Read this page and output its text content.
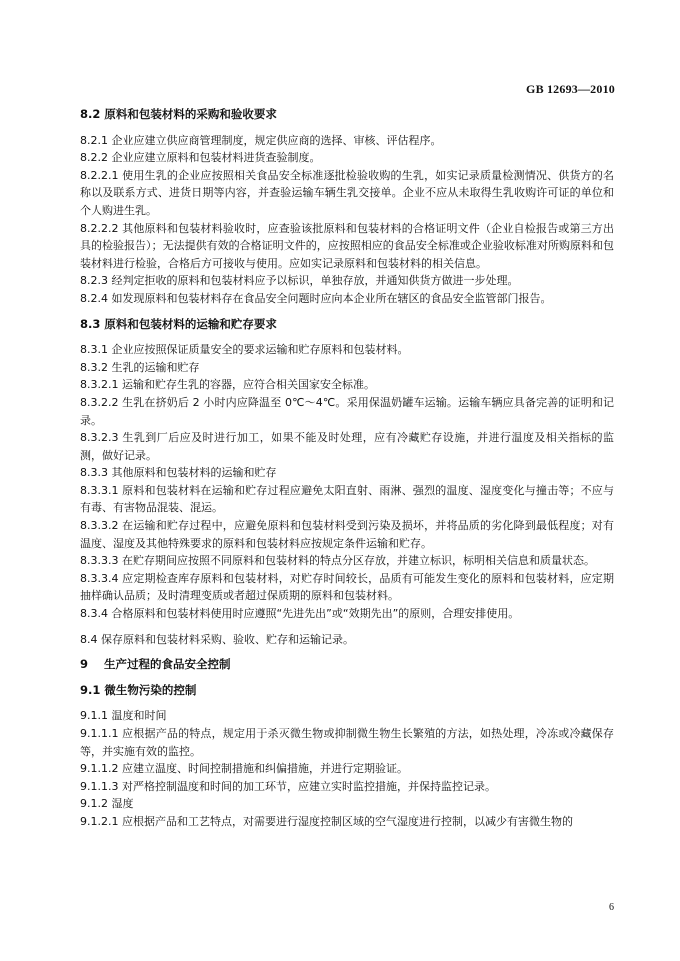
GB 12693—2010

8.2 原料和包装材料的采购和验收要求

8.2.1 企业应建立供应商管理制度，规定供应商的选择、审核、评估程序。

8.2.2 企业应建立原料和包装材料进货查验制度。

8.2.2.1 使用生乳的企业应按照相关食品安全标准逐批检验收购的生乳，如实记录质量检测情况、供货方的名称以及联系方式、进货日期等内容，并查验运输车辆生乳交接单。企业不应从未取得生乳收购许可证的单位和个人购进生乳。

8.2.2.2 其他原料和包装材料验收时，应查验该批原料和包装材料的合格证明文件（企业自检报告或第三方出具的检验报告）；无法提供有效的合格证明文件的，应按照相应的食品安全标准或企业验收标准对所购原料和包装材料进行检验，合格后方可接收与使用。应如实记录原料和包装材料的相关信息。

8.2.3 经判定拒收的原料和包装材料应予以标识，单独存放，并通知供货方做进一步处理。

8.2.4 如发现原料和包装材料存在食品安全问题时应向本企业所在辖区的食品安全监管部门报告。

8.3 原料和包装材料的运输和贮存要求

8.3.1 企业应按照保证质量安全的要求运输和贮存原料和包装材料。

8.3.2 生乳的运输和贮存

8.3.2.1 运输和贮存生乳的容器，应符合相关国家安全标准。

8.3.2.2 生乳在挤奶后 2 小时内应降温至 0℃～4℃。采用保温奶罐车运输。运输车辆应具备完善的证明和记录。

8.3.2.3 生乳到厂后应及时进行加工，如果不能及时处理，应有冷藏贮存设施，并进行温度及相关指标的监测，做好记录。

8.3.3 其他原料和包装材料的运输和贮存

8.3.3.1 原料和包装材料在运输和贮存过程应避免太阳直射、雨淋、强烈的温度、湿度变化与撞击等；不应与有毒、有害物品混装、混运。

8.3.3.2 在运输和贮存过程中，应避免原料和包装材料受到污染及损坏，并将品质的劣化降到最低程度；对有温度、湿度及其他特殊要求的原料和包装材料应按规定条件运输和贮存。

8.3.3.3 在贮存期间应按照不同原料和包装材料的特点分区存放，并建立标识，标明相关信息和质量状态。

8.3.3.4 应定期检查库存原料和包装材料，对贮存时间较长，品质有可能发生变化的原料和包装材料，应定期抽样确认品质；及时清理变质或者超过保质期的原料和包装材料。

8.3.4 合格原料和包装材料使用时应遵照“先进先出”或“效期先出”的原则，合理安排使用。

8.4 保存原料和包装材料采购、验收、贮存和运输记录。

9    生产过程的食品安全控制

9.1 微生物污染的控制

9.1.1 温度和时间

9.1.1.1 应根据产品的特点，规定用于杀灭微生物或抑制微生物生长繁殖的方法，如热处理，冷冻或冷藏保存等，并实施有效的监控。

9.1.1.2 应建立温度、时间控制措施和纠偏措施，并进行定期验证。

9.1.1.3 对严格控制温度和时间的加工环节，应建立实时监控措施，并保持监控记录。

9.1.2 湿度

9.1.2.1 应根据产品和工艺特点，对需要进行湿度控制区域的空气湿度进行控制，以减少有害微生物的

6
